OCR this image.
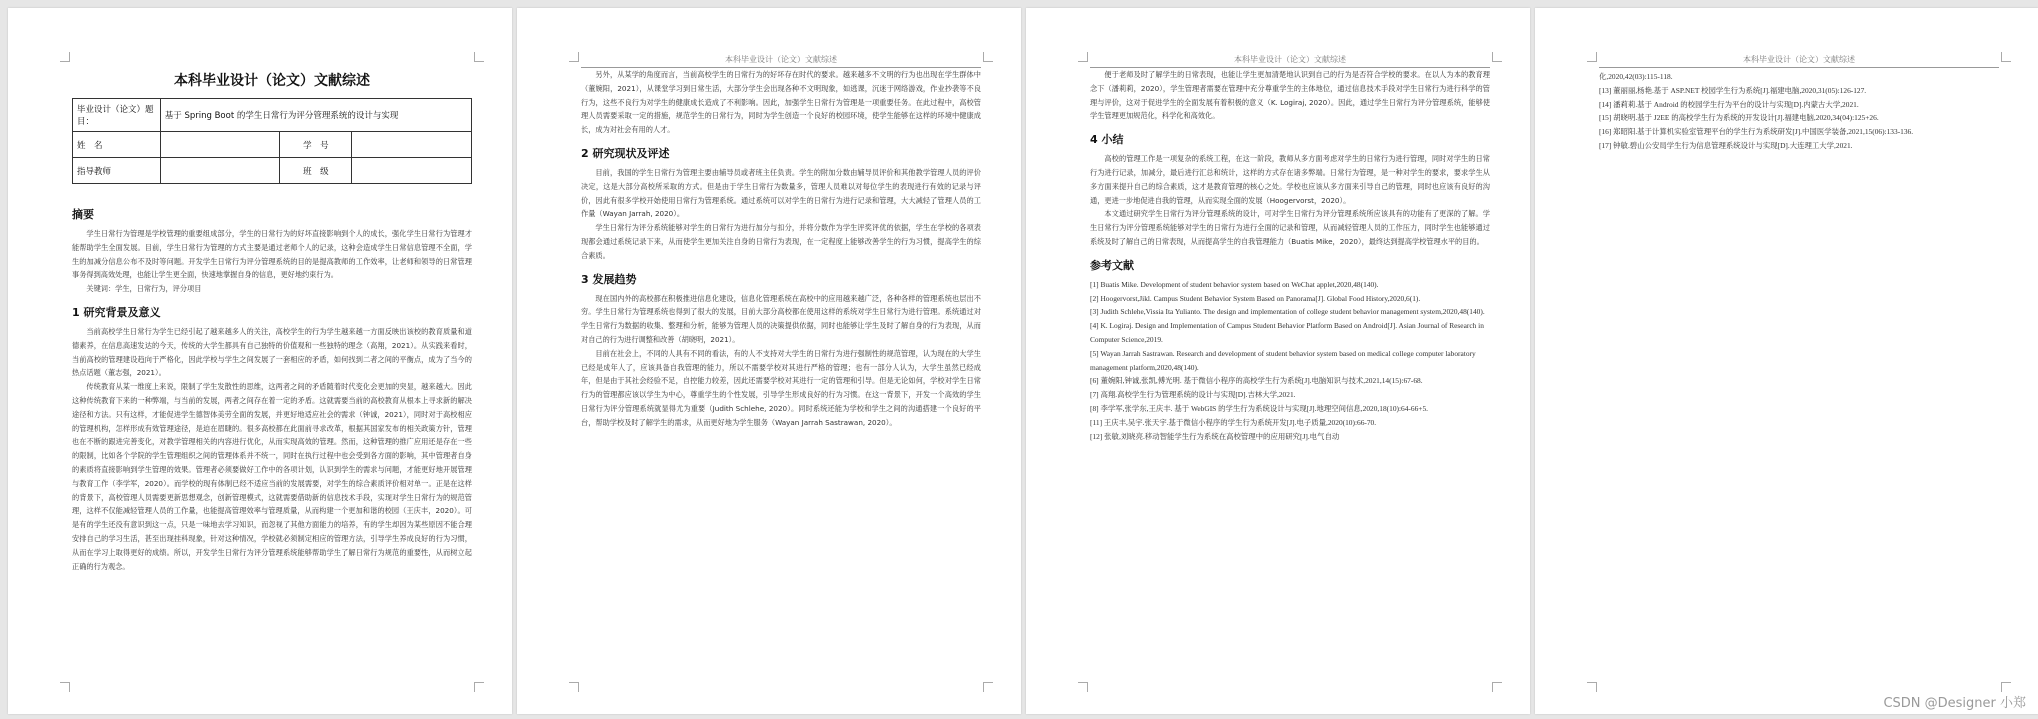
本科毕业设计（论文）文献综述
毕业设计（论文）题目：	基于 Spring Boot 的学生日常行为评分管理系统的设计与实现		
姓　名		学　号	
指导教师		班　级	
摘要

学生日常行为管理是学校管理的重要组成部分，学生的日常行为的好坏直接影响到个人的成长，强化学生日常行为管理才能帮助学生全面发展。目前，学生日常行为管理的方式主要是通过老师个人的记录，这种会造成学生日常信息管理不全面，学生的加减分信息公布不及时等问题。开发学生日常行为评分管理系统的目的是提高教师的工作效率，让老师和领导的日常管理事务得到高效处理，也能让学生更全面，快速地掌握自身的信息，更好地约束行为。

关键词：学生，日常行为，评分项目
1 研究背景及意义

当前高校学生日常行为学生已经引起了越来越多人的关注，高校学生的行为学生越来越一方面反映出该校的教育质量和道德素养，在信息高速发达的今天，传统的大学生都具有自己独特的价值观和一些独特的理念（高翔，2021）。从实践来看时，当前高校的管理建设趋向于严格化，因此学校与学生之间发展了一套相应的矛盾，如何找到二者之间的平衡点，成为了当今的热点话题（董志强，2021）。

传统教育从某一维度上来说，限制了学生发散性的思维，这两者之间的矛盾随着时代变化会更加的突显，越来越大。因此这种传统教育下来的一种弊端，与当前的发展，两者之间存在着一定的矛盾。这就需要当前的高校教育从根本上寻求新的解决途径和方法。只有这样，才能促进学生德智体美劳全面的发展，并更好地适应社会的需求（钟诚，2021），同时对于高校相应的管理机构，怎样形成有效管理途径，是迫在眉睫的。很多高校都在此面前寻求改革，根据其国家发布的相关政策方针，管理也在不断的跟进完善变化，对教学管理相关的内容进行优化，从而实现高效的管理。然而，这种管理的推广应用还是存在一些的限制，比如各个学院的学生管理组织之间的管理体系并不统一，同时在执行过程中也会受到各方面的影响，其中管理者自身的素质将直接影响到学生管理的效果。管理者必须要做好工作中的各项计划，认识到学生的需求与问题，才能更好地开展管理与教育工作（李学军，2020）。而学校的现有体制已经不适应当前的发展需要，对学生的综合素质评价相对单一。正是在这样的背景下，高校管理人员需要更新思想观念，创新管理模式，这就需要借助新的信息技术手段，实现对学生日常行为的规范管理，这样不仅能减轻管理人员的工作量，也能提高管理效率与管理质量，从而构建一个更加和谐的校园（王庆丰，2020）。可是有的学生还没有意识到这一点，只是一味地去学习知识，而忽视了其他方面能力的培养，有的学生却因为某些原因不能合理安排自己的学习生活，甚至出现挂科现象，针对这种情况，学校就必须制定相应的管理方法，引导学生养成良好的行为习惯，从而在学习上取得更好的成绩。所以，开发学生日常行为评分管理系统能够帮助学生了解日常行为规范的重要性，从而树立起正确的行为观念。

本科毕业设计（论文）文献综述

另外，从某学的角度而言，当前高校学生的日常行为的好坏存在时代的要求。越来越多不文明的行为也出现在学生群体中（董婉阳，2021），从课堂学习到日常生活，大部分学生会出现各种不文明现象，如逃课，沉迷于网络游戏，作业抄袭等不良行为，这些不良行为对学生的健康成长造成了不利影响。因此，加强学生日常行为管理是一项重要任务。在此过程中，高校管理人员需要采取一定的措施，规范学生的日常行为，同时为学生创造一个良好的校园环境，使学生能够在这样的环境中健康成长，成为对社会有用的人才。

2 研究现状及评述

目前，我国的学生日常行为管理主要由辅导员或者班主任负责。学生的附加分数由辅导员评价和其他教学管理人员的评价决定，这是大部分高校所采取的方式。但是由于学生日常行为数量多，管理人员难以对每位学生的表现进行有效的记录与评价，因此有很多学校开始使用日常行为管理系统。通过系统可以对学生的日常行为进行记录和管理，大大减轻了管理人员的工作量（Wayan Jarrah, 2020）。

学生日常行为评分系统能够对学生的日常行为进行加分与扣分，并将分数作为学生评奖评优的依据，学生在学校的各项表现都会通过系统记录下来，从而使学生更加关注自身的日常行为表现，在一定程度上能够改善学生的行为习惯，提高学生的综合素质。

3 发展趋势

现在国内外的高校都在积极推进信息化建设，信息化管理系统在高校中的应用越来越广泛，各种各样的管理系统也层出不穷。学生日常行为管理系统也得到了很大的发展，目前大部分高校都在使用这样的系统对学生日常行为进行管理。系统通过对学生日常行为数据的收集、整理和分析，能够为管理人员的决策提供依据，同时也能够让学生及时了解自身的行为表现，从而对自己的行为进行调整和改善（胡晓明，2021）。

目前在社会上，不同的人具有不同的看法，有的人不支持对大学生的日常行为进行强制性的规范管理，认为现在的大学生已经是成年人了，应该具备自我管理的能力，所以不需要学校对其进行严格的管理；也有一部分人认为，大学生虽然已经成年，但是由于其社会经验不足，自控能力较差，因此还需要学校对其进行一定的管理和引导。但是无论如何，学校对学生日常行为的管理都应该以学生为中心，尊重学生的个性发展，引导学生形成良好的行为习惯。在这一背景下，开发一个高效的学生日常行为评分管理系统就显得尤为重要（Judith Schlehe, 2020）。同时系统还能为学校和学生之间的沟通搭建一个良好的平台，帮助学校及时了解学生的需求，从而更好地为学生服务（Wayan Jarrah Sastrawan, 2020）。

本科毕业设计（论文）文献综述

便于老师及时了解学生的日常表现，也能让学生更加清楚地认识到自己的行为是否符合学校的要求。在以人为本的教育理念下（潘莉莉，2020），学生管理者需要在管理中充分尊重学生的主体地位，通过信息技术手段对学生日常行为进行科学的管理与评价，这对于促进学生的全面发展有着积极的意义（K. Logiraj, 2020）。因此，通过学生日常行为评分管理系统，能够使学生管理更加规范化，科学化和高效化。

4 小结

高校的管理工作是一项复杂的系统工程，在这一阶段，教师从多方面考虑对学生的日常行为进行管理，同时对学生的日常行为进行记录，加减分，最后进行汇总和统计，这样的方式存在诸多弊端。日常行为管理，是一种对学生的要求，要求学生从多方面来提升自己的综合素质，这才是教育管理的核心之处。学校也应该从多方面来引导自己的管理，同时也应该有良好的沟通，更进一步地促进自我的管理，从而实现全面的发展（Hoogervorst，2020）。

本文通过研究学生日常行为评分管理系统的设计，可对学生日常行为评分管理系统所应该具有的功能有了更深的了解。学生日常行为评分管理系统能够对学生的日常行为进行全面的记录和管理，从而减轻管理人员的工作压力，同时学生也能够通过系统及时了解自己的日常表现，从而提高学生的自我管理能力（Buatis Mike，2020），最终达到提高学校管理水平的目的。

参考文献
[1] Buatis Mike. Development of student behavior system based on WeChat applet,2020,48(140).
[2] Hoogervorst,Jikl. Campus Student Behavior System Based on Panorama[J]. Global Food History,2020,6(1).
[3] Judith Schlehe,Vissia Ita Yulianto. The design and implementation of college student behavior management system,2020,48(140).
[4] K. Logiraj. Design and Implementation of Campus Student Behavior Platform Based on Android[J]. Asian Journal of Research in Computer Science,2019.
[5] Wayan Jarrah Sastrawan. Research and development of student behavior system based on medical college computer laboratory management platform,2020,48(140).
[6] 董婉阳,钟诚,张凯,傅光明. 基于微信小程序的高校学生行为系统[J].电脑知识与技术,2021,14(15):67-68.
[7] 高翔.高校学生行为管理系统的设计与实现[D].吉林大学,2021.
[8] 李学军,张学东,王庆丰. 基于 WebGIS 的学生行为系统设计与实现[J].地理空间信息,2020,18(10):64-66+5.
[11] 王庆丰,吴宇.张天宇.基于微信小程序的学生行为系统开发[J].电子质量,2020(10):66-70.
[12] 张敏,刘晓亮.移动智能学生行为系统在高校管理中的应用研究[J].电气自动
本科毕业设计（论文）文献综述
化,2020,42(03):115-118.
[13] 董丽丽,杨艳.基于 ASP.NET 校园学生行为系统[J].福建电脑,2020,31(05):126-127.
[14] 潘莉莉.基于 Android 的校园学生行为平台的设计与实现[D].内蒙古大学,2021.
[15] 胡晓明.基于 J2EE 的高校学生行为系统的开发设计[J].福建电脑,2020,34(04):125+26.
[16] 郑昭阳.基于计算机实验室管理平台的学生行为系统研发[J].中国医学装备,2021,15(06):133-136.
[17] 钟敏.碧山公安局学生行为信息管理系统设计与实现[D].大连理工大学,2021.
CSDN @Designer 小郑
